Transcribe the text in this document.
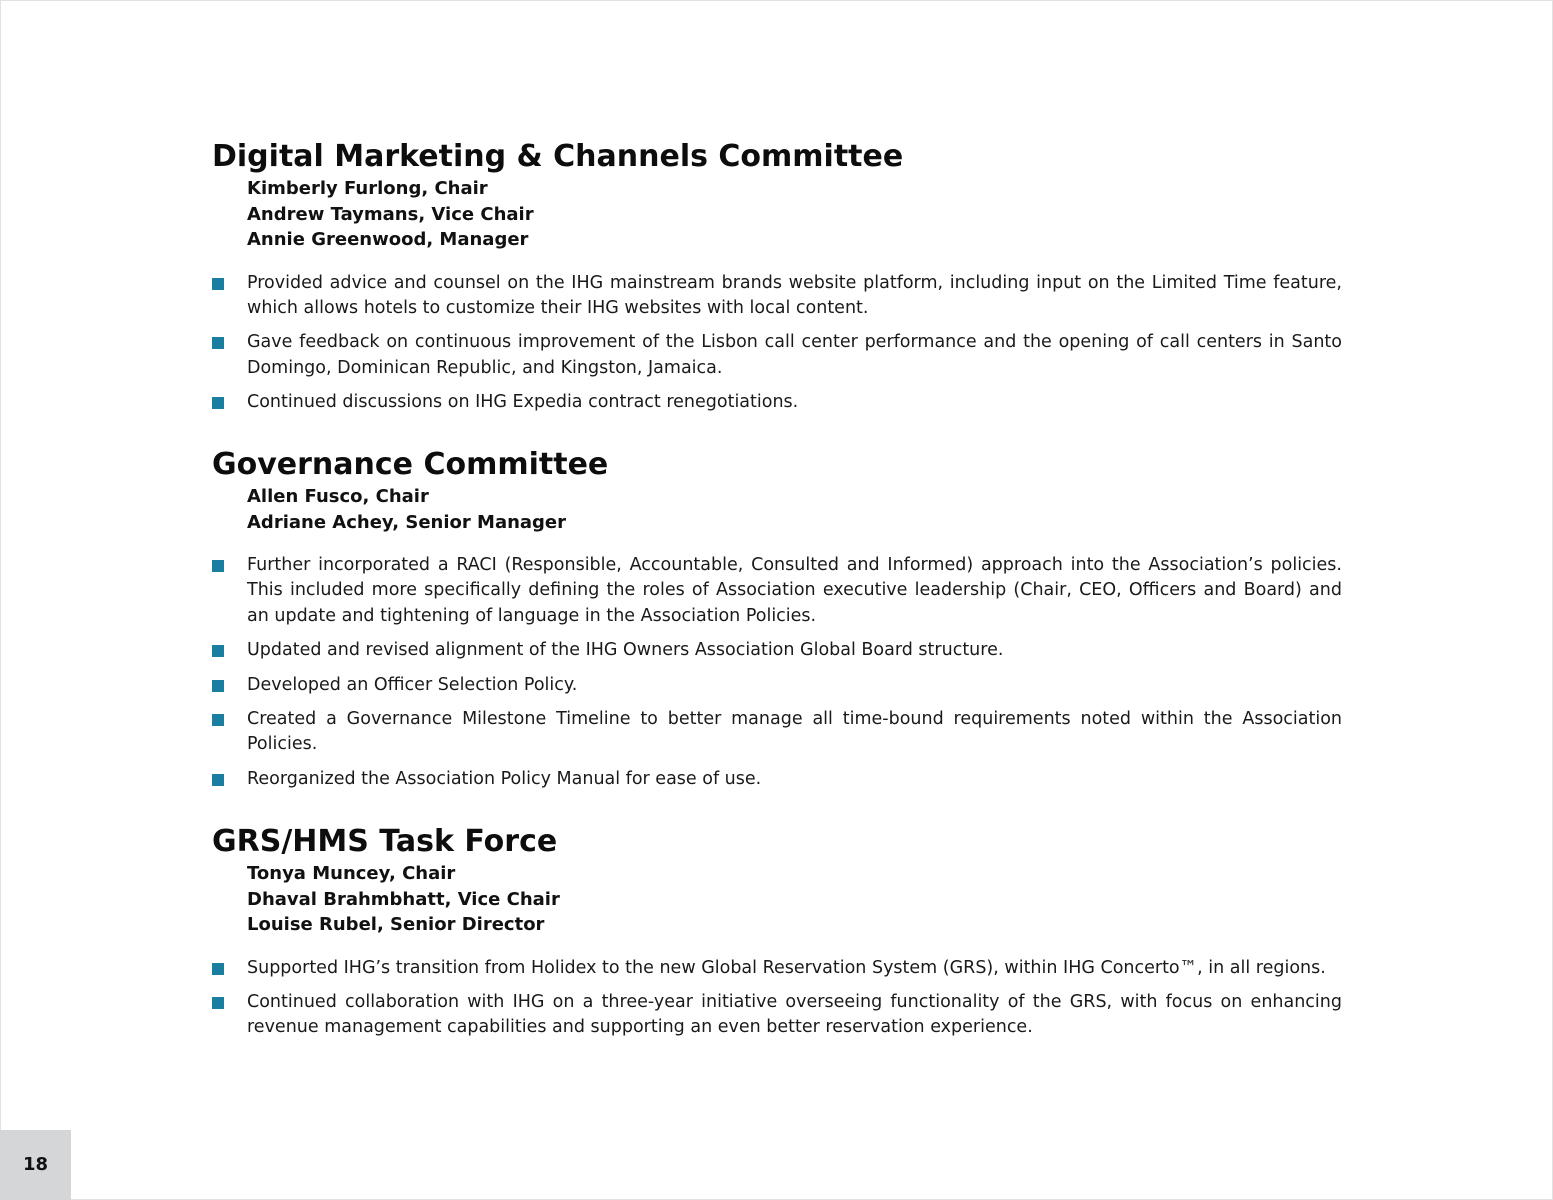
Digital Marketing & Channels Committee
Kimberly Furlong, Chair
Andrew Taymans, Vice Chair
Annie Greenwood, Manager
Provided advice and counsel on the IHG mainstream brands website platform, including input on the Limited Time feature, which allows hotels to customize their IHG websites with local content.
Gave feedback on continuous improvement of the Lisbon call center performance and the opening of call centers in Santo Domingo, Dominican Republic, and Kingston, Jamaica.
Continued discussions on IHG Expedia contract renegotiations.
Governance Committee
Allen Fusco, Chair
Adriane Achey, Senior Manager
Further incorporated a RACI (Responsible, Accountable, Consulted and Informed) approach into the Association’s policies. This included more specifically defining the roles of Association executive leadership (Chair, CEO, Officers and Board) and an update and tightening of language in the Association Policies.
Updated and revised alignment of the IHG Owners Association Global Board structure.
Developed an Officer Selection Policy.
Created a Governance Milestone Timeline to better manage all time-bound requirements noted within the Association Policies.
Reorganized the Association Policy Manual for ease of use.
GRS/HMS Task Force
Tonya Muncey, Chair
Dhaval Brahmbhatt, Vice Chair
Louise Rubel, Senior Director
Supported IHG’s transition from Holidex to the new Global Reservation System (GRS), within IHG Concerto™, in all regions.
Continued collaboration with IHG on a three-year initiative overseeing functionality of the GRS, with focus on enhancing revenue management capabilities and supporting an even better reservation experience.
18
